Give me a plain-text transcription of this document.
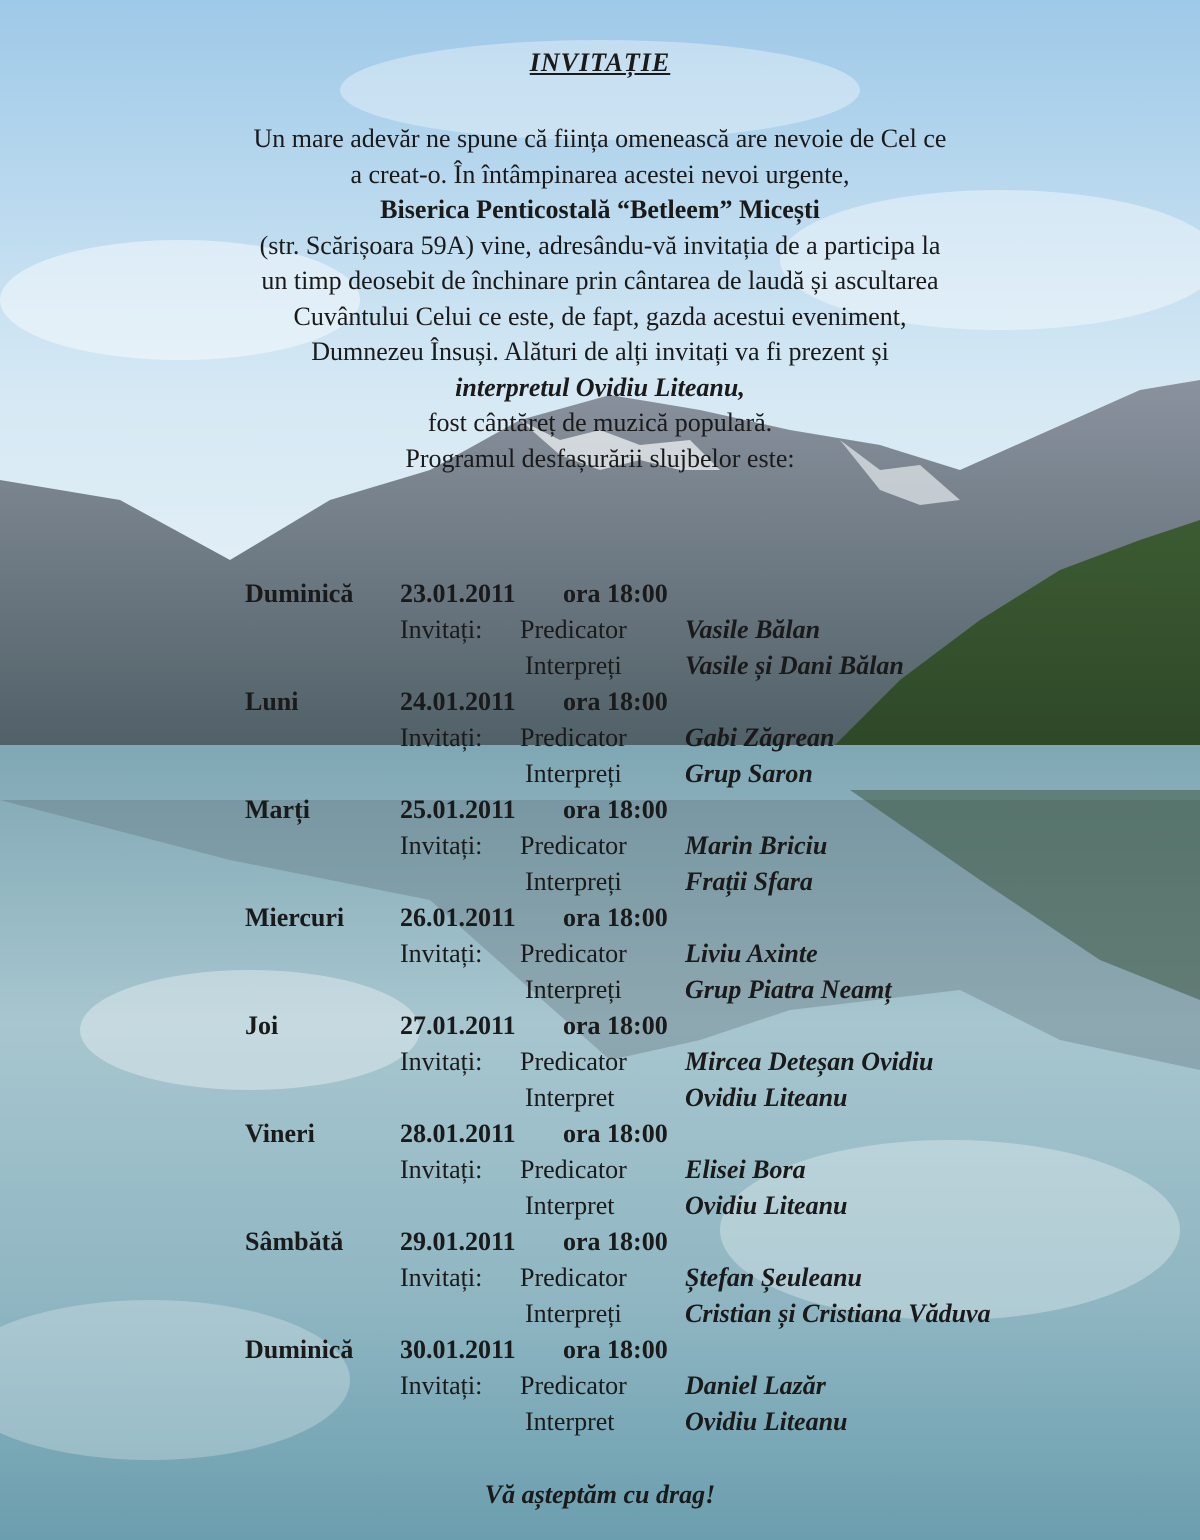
INVITAȚIE
Un mare adevăr ne spune că ființa omenească are nevoie de Cel ce
a creat-o. În întâmpinarea acestei nevoi urgente,
Biserica Penticostală “Betleem” Micești
(str. Scărișoara 59A) vine, adresându-vă invitația de a participa la
un timp deosebit de închinare prin cântarea de laudă și ascultarea
Cuvântului Celui ce este, de fapt, gazda acestui eveniment,
Dumnezeu Însuși. Alături de alți invitați va fi prezent și
interpretul Ovidiu Liteanu,
fost cântăreț de muzică populară.
Programul desfașurării slujbelor este:
Duminică 23.01.2011 ora 18:00
Invitați: Predicator Vasile Bălan
Interpreți Vasile și Dani Bălan
Luni	24.01.2011 ora 18:00
Invitați: Predicator Gabi Zăgrean
Interpreți Grup Saron
Marți	25.01.2011 ora 18:00
Invitați: Predicator Marin Briciu
Interpreți Frații Sfara
Miercuri 26.01.2011 ora 18:00
Invitați: Predicator Liviu Axinte
Interpreți Grup Piatra Neamț
Joi	27.01.2011 ora 18:00
Invitați: Predicator Mircea Deteșan Ovidiu
Interpret	Ovidiu Liteanu
Vineri	28.01.2011 ora 18:00
Invitați: Predicator Elisei Bora
Interpret	Ovidiu Liteanu
Sâmbătă 29.01.2011 ora 18:00
Invitați: Predicator Ștefan Șeuleanu
Interpreți Cristian și Cristiana Văduva
Duminică 30.01.2011 ora 18:00
Invitați: Predicator Daniel Lazăr
Interpret	Ovidiu Liteanu
Vă așteptăm cu drag!
